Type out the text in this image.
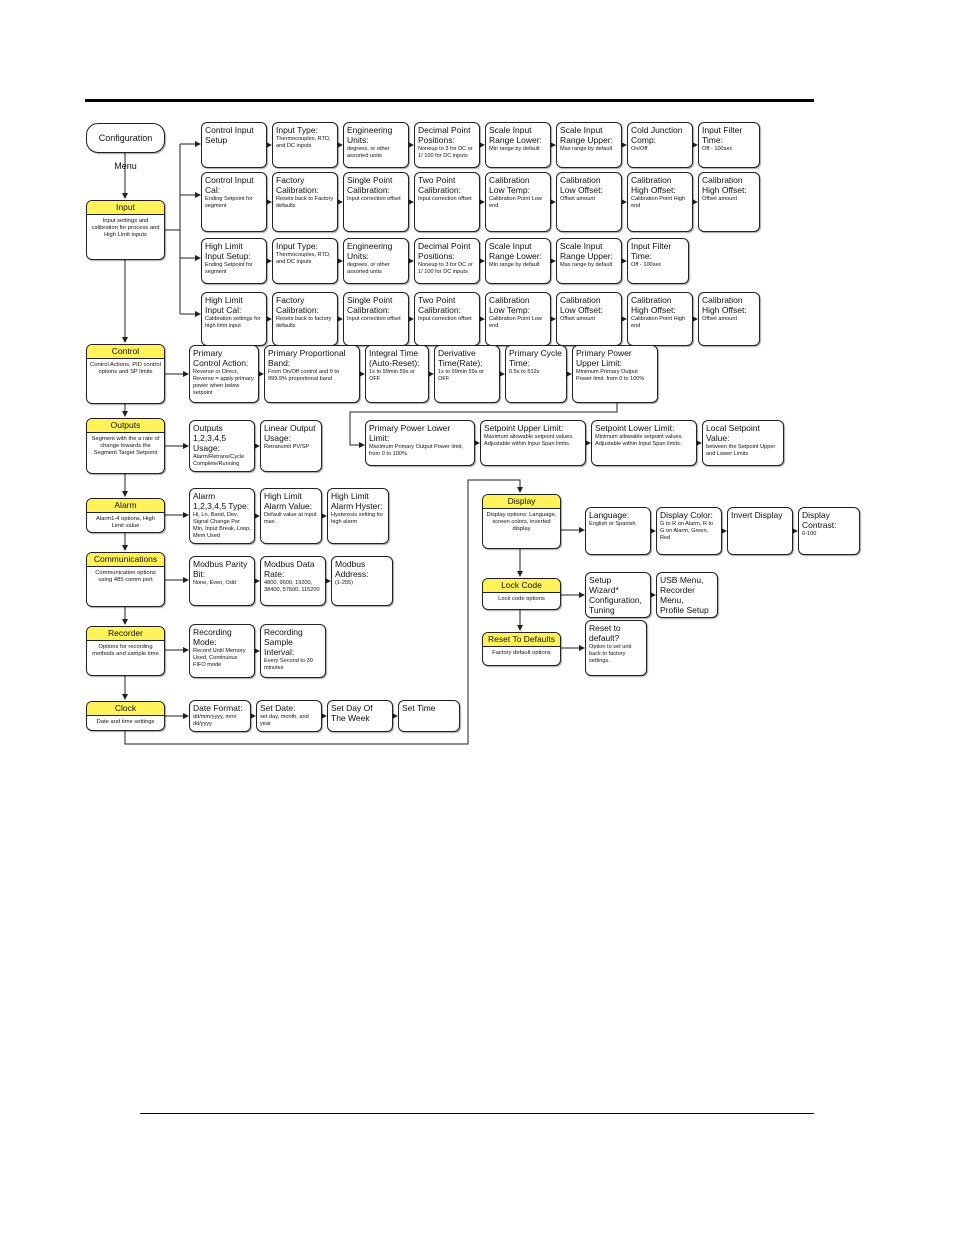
Configuration Menu
Input
Input settings and calibration for process and High Limit inputs
Control
Control Actions, PID control options and SP limits
Outputs
Segment with the a rate of change towards the Segment Target Setpoint
Alarm
Alarm1-4 options, High Limit value
Communications
Communication options using 485 comm port
Recorder
Options for recording methods and sample time
Clock
Date and time settings
Display
Display options: Language, screen colors, inverted display
Lock Code
Lock code options
Reset To Defaults
Factory default options
Control Input
Setup
Input Type:
Thermocouples, RTD, and DC inputs
Engineering
Units:
degrees, or other assorted units
Decimal Point
Positions:
Noneup to 3 for DC or 1/ 100 for DC inputs
Scale Input
Range Lower:
Min range by default
Scale Input
Range Upper:
Max range by default
Cold Junction
Comp:
On/Off
Input Filter
Time:
Off - 100sec
Control Input
Cal:
Ending Setpoint for segment
Factory
Calibration:
Resets back to Factory defaults
Single Point
Calibration:
Input correction offset
Two Point
Calibration:
Input correction offset
Calibration
Low Temp:
Calibration Point Low end
Calibration
Low Offset:
Offset amount
Calibration
High Offset:
Calibration Point High end
Calibration
High Offset:
Offset amount
High Limit
Input Setup:
Ending Setpoint for segment
Input Type:
Thermocouples, RTD, and DC inputs
Engineering
Units:
degrees, or other assorted units
Decimal Point
Positions:
Noneup to 3 for DC or 1/ 100 for DC inputs
Scale Input
Range Lower:
Min range by default
Scale Input
Range Upper:
Max range by default
Input Filter
Time:
Off - 100sec
High Limit
Input Cal:
Calibration settings for high limit input
Factory
Calibration:
Resets back to factory defaults
Single Point
Calibration:
Input correction offset
Two Point
Calibration:
Input correction offset
Calibration
Low Temp:
Calibration Point Low end
Calibration
Low Offset:
Offset amount
Calibration
High Offset:
Calibration Point High end
Calibration
High Offset:
Offset amount
Primary
Control Action:
Reverse or Direct, Reverse = apply primary power when below setpoint
Primary Proportional
Band:
From On/Off control and 0 to 999.9% proportional band
Integral Time
(Auto-Reset):
1s to 99min 59s or OFF
Derivative
Time(Rate):
1s to 99min 59s or OFF
Primary Cycle
Time:
0.5s to 512s
Primary Power
Upper Limit:
Minimum Primary Output Power limit, from 0 to 100%
Primary Power Lower
Limit:
Maximum Primary Output Power limit, from 0 to 100%
Setpoint Upper Limit:
Maximum allowable setpoint values. Adjustable within Input Span limits.
Setpoint Lower Limit:
Minimum allowable setpoint values. Adjustable within Input Span limits.
Local Setpoint
Value:
between the Setpoint Upper and Lower Limits
Outputs
1,2,3,4,5
Usage:
Alarm/Retrans/Cycle Complete/Running
Linear Output
Usage:
Retransmit PV/SP
Alarm
1,2,3,4,5 Type:
Hi, Lo, Band, Dev, Signal Change Per Min, Input Break, Loop, Mem Used
High Limit
Alarm Value:
Default value at input max.
High Limit
Alarm Hyster:
Hysteresis setting for high alarm
Modbus Parity
Bit:
None, Even, Odd
Modbus Data
Rate:
4800, 9600, 19200, 38400, 57600, 115200
Modbus
Address:
(1-255)
Recording
Mode:
Record Until Memory Used, Continuous FIFO mode
Recording
Sample
Interval:
Every Second to 30 minutes
Date Format:
dd/mm/yyyy, mm/ dd/yyyy
Set Date:
set day, month, and year
Set Day Of
The Week
Set Time
Language:
English or Spanish
Display Color:
G to R on Alarm, R to G on Alarm, Green, Red
Invert Display	Display
Contrast:
0-100
Setup
Wizard*
Configuration,
Tuning
USB Menu,
Recorder
Menu,
Profile Setup
Reset to
default?
Option to set unit back to factory settings.
